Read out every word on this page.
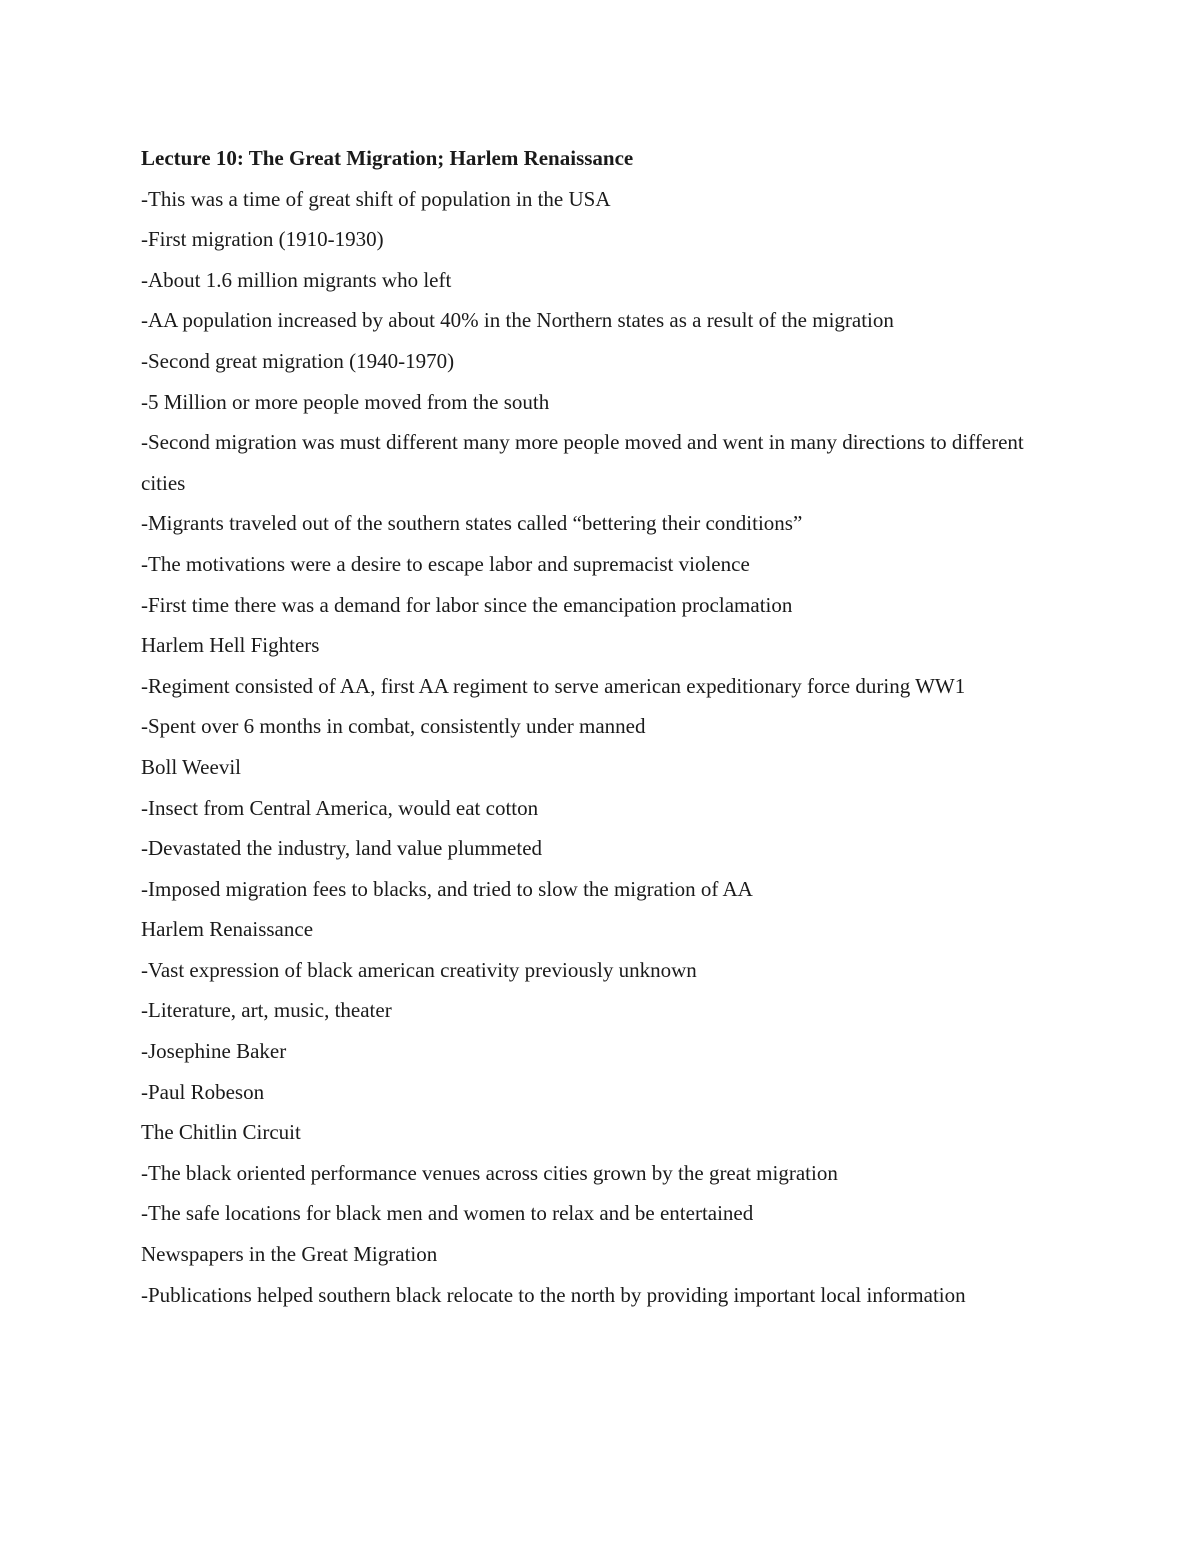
Lecture 10: The Great Migration; Harlem Renaissance

-This was a time of great shift of population in the USA

-First migration (1910-1930)

-About 1.6 million migrants who left

-AA population increased by about 40% in the Northern states as a result of the migration

-Second great migration (1940-1970)

-5 Million or more people moved from the south

-Second migration was must different many more people moved and went in many directions to different cities

-Migrants traveled out of the southern states called “bettering their conditions”

-The motivations were a desire to escape labor and supremacist violence

-First time there was a demand for labor since the emancipation proclamation

Harlem Hell Fighters

-Regiment consisted of AA, first AA regiment to serve american expeditionary force during WW1

-Spent over 6 months in combat, consistently under manned

Boll Weevil

-Insect from Central America, would eat cotton

-Devastated the industry, land value plummeted

-Imposed migration fees to blacks, and tried to slow the migration of AA

Harlem Renaissance

-Vast expression of black american creativity previously unknown

-Literature, art, music, theater

-Josephine Baker

-Paul Robeson

The Chitlin Circuit

-The black oriented performance venues across cities grown by the great migration

-The safe locations for black men and women to relax and be entertained

Newspapers in the Great Migration

-Publications helped southern black relocate to the north by providing important local information
